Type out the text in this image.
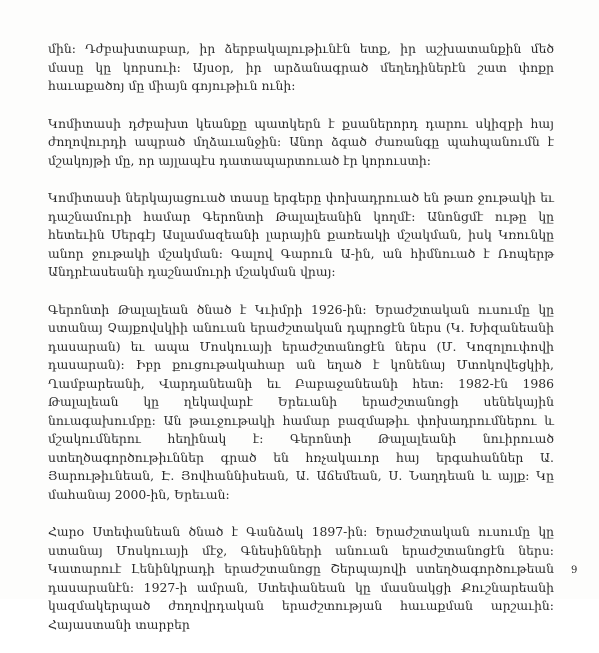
մին: Դժբախտաբար, իր ձերբակալութիւնէն ետք, իր աշխատանքին մեծ մասը կը կորսուի: Այսօր, իր արձանագրած մեղեդիներէն շատ փոքր հաւաքածոյ մը միայն գոյութիւն ունի:

Կոմիտասի դժբախտ կեանքը պատկերն է քսաներորդ դարու սկիզբի հայ ժողովուրդի ապրած մղձաւանջին: Անոր ձգած ժառանգը պահպանումն է մշակոյթի մը, որ այլապէս դատապարտուած էր կորուստի:

Կոմիտասի ներկայացուած տասը երգերը փոխադրուած են թառ ջութակի եւ դաշնամուրի համար Գերոնտի Թալալեանին կողմէ: Անոնցմէ ութը կը հետեւին Սերգէյ Ասլամազեանի լարային քառեակի մշակման, իսկ Կռունկը անոր ջութակի մշակման: Գալով Գարուն Ա-ին, ան հիմնուած է Ռոպերթ Անդրէասեանի դաշնամուրի մշակման վրայ:

Գերոնտի Թալալեան ծնած է Կւիմրի 1926-ին: Երաժշտական ուսումը կը ստանայ Չայքովսկիի անուան երաժշտական դպրոցէն ներս (Կ. Խիզանեանի դասարան) եւ ապա Մոսկուայի երաժշտանոցէն ներս (Մ. Կոզոլուփովի դասարան): Իբր քուցութակահար ան եղած է կոնենայ Մտոկովեցկիի, Ղամբարեանի, Վարդանեանի եւ Բաբաջանեանի հետ: 1982-էն 1986 Թալալեան կը ղեկավարէ Երեւանի երաժշտանոցի սենեկային նուագախումբը: Ան թաւջութակի համար բազմաթիւ փոխադրումներու և մշակումներու հեղինակ է: Գերոնտի Թալալեանի նուիրուած ստեղծագործութիւններ գրած են հռչակաւոր հայ երգահաններ Ա. Յարութիւնեան, Է. Յովհաննիսեան, Ա. Աճեմեան, Ս. Նաղդեան և այլք: Կը մահանայ 2000-ին, Երեւան:

Հարօ Ստեփանեան ծնած է Գանձակ 1897-ին: Երաժշտական ուսումը կը ստանայ Մոսկուայի մէջ, Գնեսինների անուան երաժշտանոցէն ներս: Կատարուէ Լենինկրադի երաժշտանոցը Շերպայովի ստեղծագործութեան դասարանէն: 1927-ի ամրան, Ստեփանեան կը մասնակցի Քուշնարեանի կազմակերպած ժողովրդական երաժշտության հաւաքման արշաւին: Հայաստանի տարբեր

9
